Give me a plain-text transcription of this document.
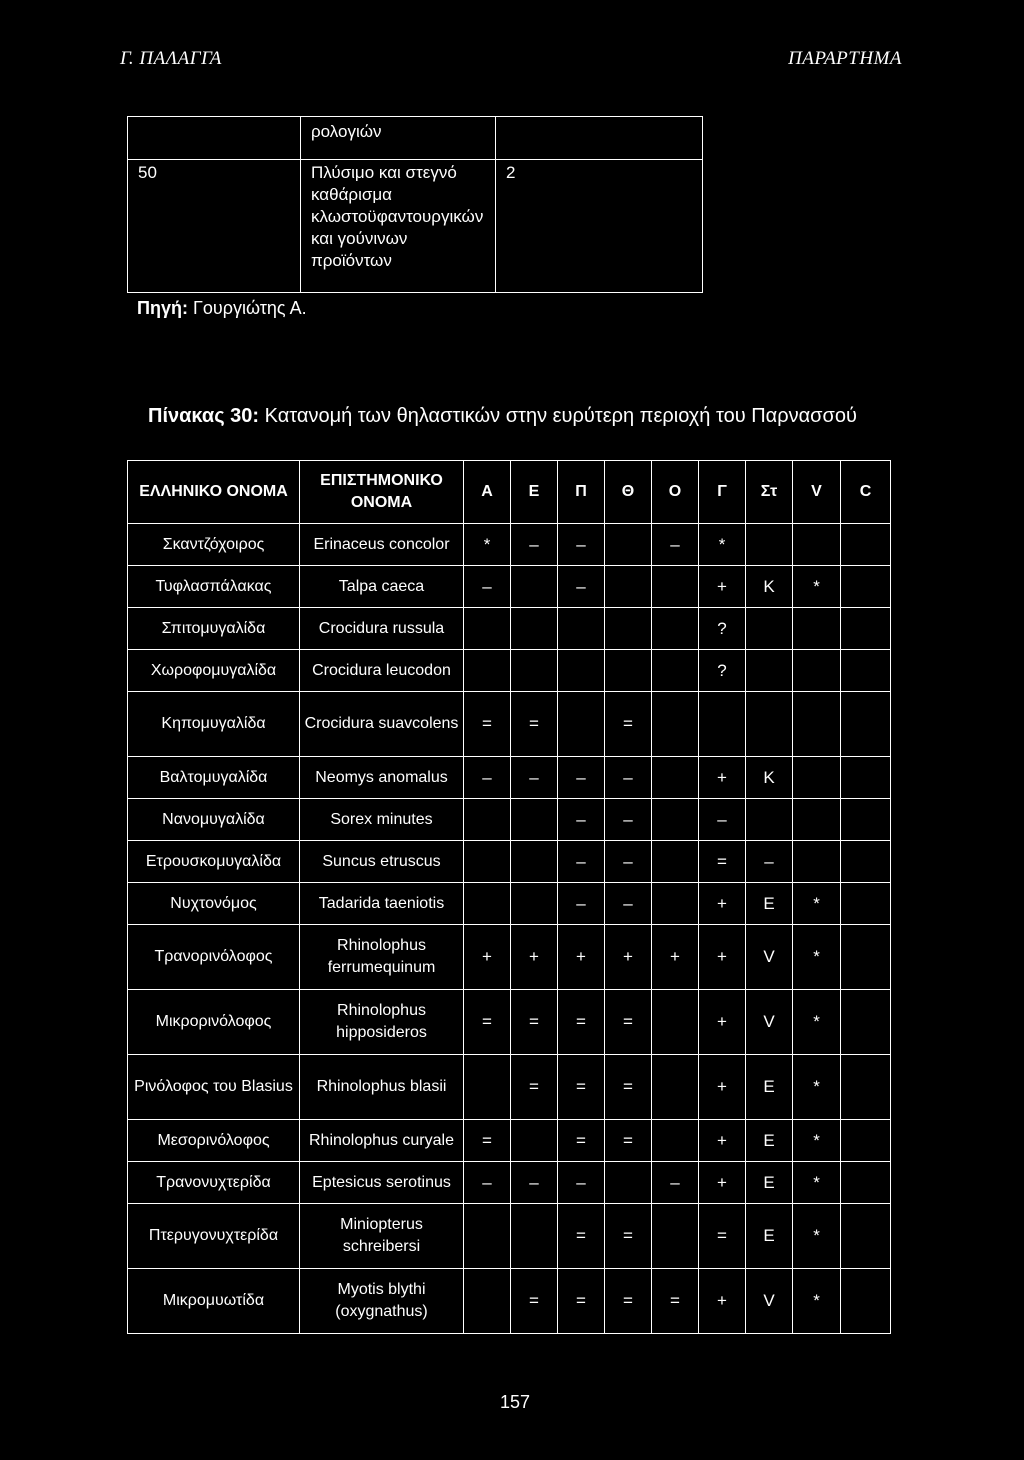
Γ. ΠΑΛΑΓΓΑ	ΠΑΡΑΡΤΗΜΑ
	ρολογιών	
50	Πλύσιμο και στεγνό καθάρισμα κλωστοϋφαντουργικών και γούνινων προϊόντων	2
Πηγή: Γουργιώτης Α.
Πίνακας 30: Κατανομή των θηλαστικών στην ευρύτερη περιοχή του Παρνασσού
ΕΛΛΗΝΙΚΟ ΟΝΟΜΑ	ΕΠΙΣΤΗΜΟΝΙΚΟ ΟΝΟΜΑ	Α	Ε	Π	Θ	Ο	Γ	Στ	V	C
Σκαντζόχοιρος	Erinaceus concolor	*	–	–		–	*			
Τυφλασπάλακας	Talpa caeca	–		–			+	K	*	
Σπιτομυγαλίδα	Crocidura russula						?			
Χωροφομυγαλίδα	Crocidura leucodon						?			
Κηπομυγαλίδα	Crocidura suavcolens	=	=		=					
Βαλτομυγαλίδα	Neomys anomalus	–	–	–	–		+	K		
Νανομυγαλίδα	Sorex minutes			–	–		–			
Ετρουσκομυγαλίδα	Suncus etruscus			–	–		=	–		
Νυχτονόμος	Tadarida taeniotis			–	–		+	E	*	
Τρανορινόλοφος	Rhinolophus ferrumequinum	+	+	+	+	+	+	V	*	
Μικρορινόλοφος	Rhinolophus hipposideros	=	=	=	=		+	V	*	
Ρινόλοφος του Blasius	Rhinolophus blasii		=	=	=		+	E	*	
Μεσορινόλοφος	Rhinolophus curyale	=		=	=		+	E	*	
Τρανονυχτερίδα	Eptesicus serotinus	–	–	–		–	+	E	*	
Πτερυγονυχτερίδα	Miniopterus schreibersi			=	=		=	E	*	
Μικρομυωτίδα	Myotis blythi (oxygnathus)		=	=	=	=	+	V	*	
157
